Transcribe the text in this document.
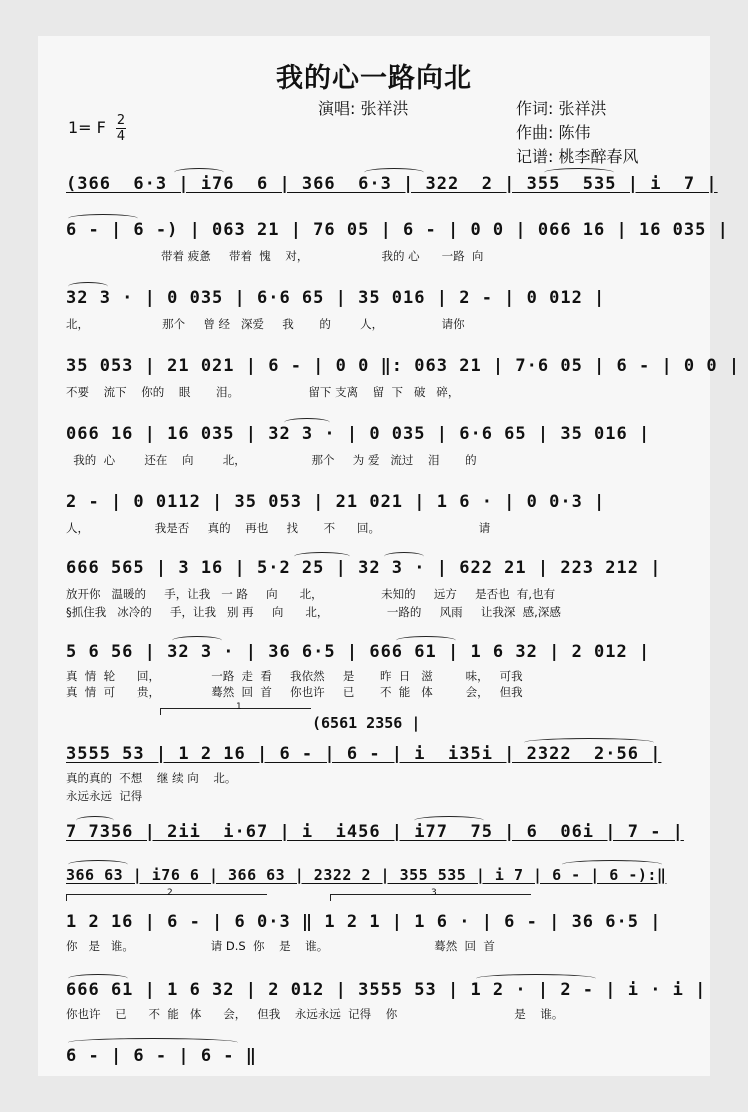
我的心一路向北
演唱: 张祥洪	作词: 张祥洪
作曲: 陈伟
记谱: 桃李醉春风
1= F 2
4
(366  6·3 | i76  6 | 366  6·3 | 322  2 | 355  535 | i  7 |
6 - | 6 -) | 063 21 | 76 05 | 6 - | 0 0 | 066 16 | 16 035 |
带着 疲惫     带着  愧    对，                    我的 心      一路  向
32 3 · | 0 035 | 6·6 65 | 35 016 | 2 - | 0 012 |
北，                    那个     曾 经   深爱     我       的        人，                请你
35 053 | 21 021 | 6 - | 0 0 ‖: 063 21 | 7·6 05 | 6 - | 0 0 |
不要    流下    你的    眼       泪。                   留下 支离    留  下   破   碎，
066 16 | 16 035 | 32 3 · | 0 035 | 6·6 65 | 35 016 |
我的  心        还在    向        北，                  那个     为 爱   流过    泪       的
2 - | 0 0112 | 35 053 | 21 021 | 1 6 · | 0 0·3 |
人，                  我是否     真的    再也     找       不      回。                           请
666 565 | 3 16 | 5·2 25 | 32 3 · | 622 21 | 223 212 |
放开你   温暖的     手，让我   一 路     向      北，                未知的     远方     是否也  有,也有
§抓住我   冰冷的     手，让我   别 再     向      北，                一路的     风雨     让我深  感,深感
5 6 56 | 32 3 · | 36 6·5 | 666 61 | 1 6 32 | 2 012 |
真  情  轮      回，              一路  走  看     我依然     是       昨  日   滋         味，   可我
真  情  可      贵，              蓦然  回  首     你也许     已       不  能   体         会，   但我
1
(6561 2356 |
3555 53 | 1 2 16 | 6 - | 6 - | i  i35i | 2322  2·56 |
真的真的  不想    继 续 向    北。
永远永远  记得
7 7356 | 2ii  i·67 | i  i456 | i77  75 | 6  06i | 7 - |
366 63 | i76 6 | 366 63 | 2322 2 | 355 535 | i 7 | 6 - | 6 -):‖
2	3
1 2 16 | 6 - | 6 0·3 ‖ 1 2 1 | 1 6 · | 6 - | 36 6·5 |
你   是   谁。                     请 D.S  你    是    谁。                             蓦然  回  首
666 61 | 1 6 32 | 2 012 | 3555 53 | 1 2 · | 2 - | i · i |
你也许    已      不  能   体      会，   但我    永远永远  记得    你                                是    谁。
6 - | 6 - | 6 - ‖
